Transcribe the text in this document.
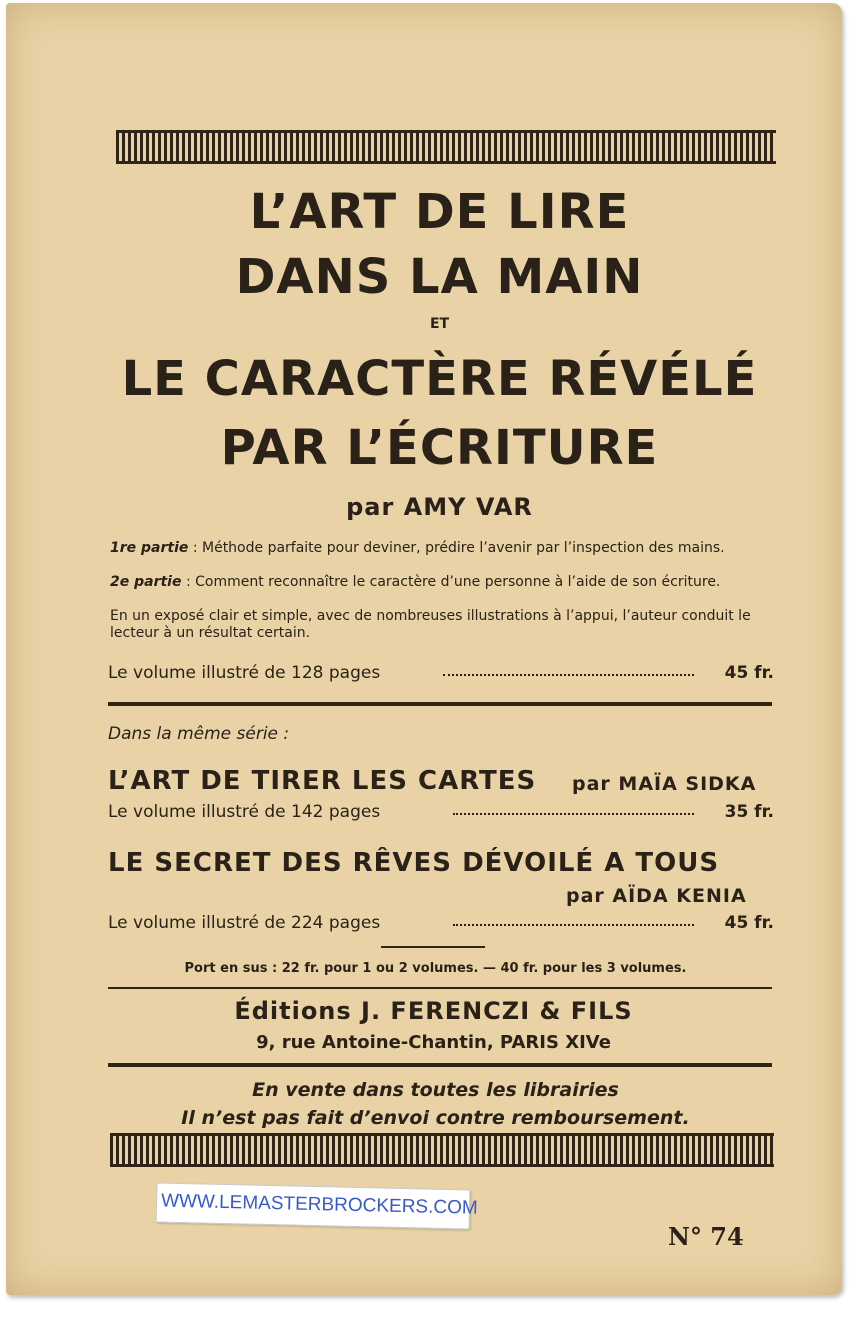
L’ART DE LIRE
DANS LA MAIN
ET
LE CARACTÈRE RÉVÉLÉ
PAR L’ÉCRITURE
par AMY VAR
1re partie : Méthode parfaite pour deviner, prédire l’avenir par l’inspection des mains.
2e partie : Comment reconnaître le caractère d’une personne à l’aide de son écriture.
En un exposé clair et simple, avec de nombreuses illustrations à l’appui, l’auteur conduit le lecteur à un résultat certain.
Le volume illustré de 128 pages	45 fr.
Dans la même série :
L’ART DE TIRER LES CARTES par MAÏA SIDKA
Le volume illustré de 142 pages	35 fr.
LE SECRET DES RÊVES DÉVOILÉ A TOUS
par AÏDA KENIA
Le volume illustré de 224 pages	45 fr.
Port en sus : 22 fr. pour 1 ou 2 volumes. — 40 fr. pour les 3 volumes.
Éditions J. FERENCZI & FILS
9, rue Antoine-Chantin, PARIS XIVe
En vente dans toutes les librairies
Il n’est pas fait d’envoi contre remboursement.
N° 74
WWW.LEMASTERBROCKERS.COM
